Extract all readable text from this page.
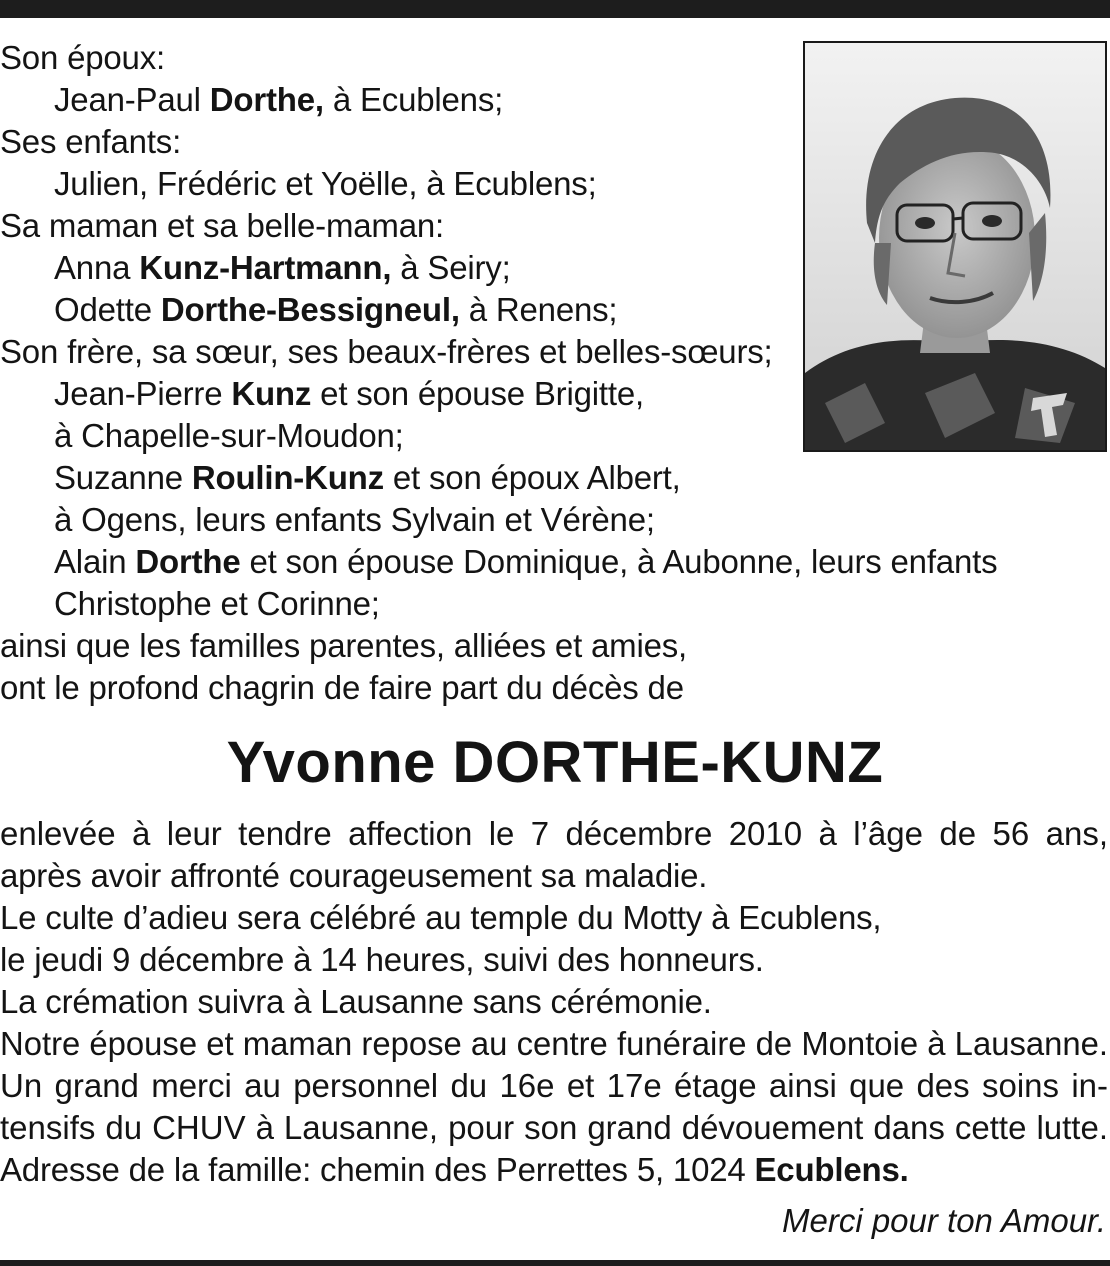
Son époux:
Jean-Paul Dorthe, à Ecublens;
Ses enfants:
Julien, Frédéric et Yoëlle, à Ecublens;
Sa maman et sa belle-maman:
Anna Kunz-Hartmann, à Seiry;
Odette Dorthe-Bessigneul, à Renens;
Son frère, sa sœur, ses beaux-frères et belles-sœurs;
Jean-Pierre Kunz et son épouse Brigitte,
à Chapelle-sur-Moudon;
Suzanne Roulin-Kunz et son époux Albert,
à Ogens, leurs enfants Sylvain et Vérène;
Alain Dorthe et son épouse Dominique, à Aubonne, leurs enfants
Christophe et Corinne;
ainsi que les familles parentes, alliées et amies,
ont le profond chagrin de faire part du décès de
Yvonne DORTHE-KUNZ
enlevée à leur tendre affection le 7 décembre 2010 à l’âge de 56 ans,
après avoir affronté courageusement sa maladie.
Le culte d’adieu sera célébré au temple du Motty à Ecublens,
le jeudi 9 décembre à 14 heures, suivi des honneurs.
La crémation suivra à Lausanne sans cérémonie.
Notre épouse et maman repose au centre funéraire de Montoie à Lausanne.
Un grand merci au personnel du 16e et 17e étage ainsi que des soins in-
tensifs du CHUV à Lausanne, pour son grand dévouement dans cette lutte.
Adresse de la famille: chemin des Perrettes 5, 1024 Ecublens.
Merci pour ton Amour.
